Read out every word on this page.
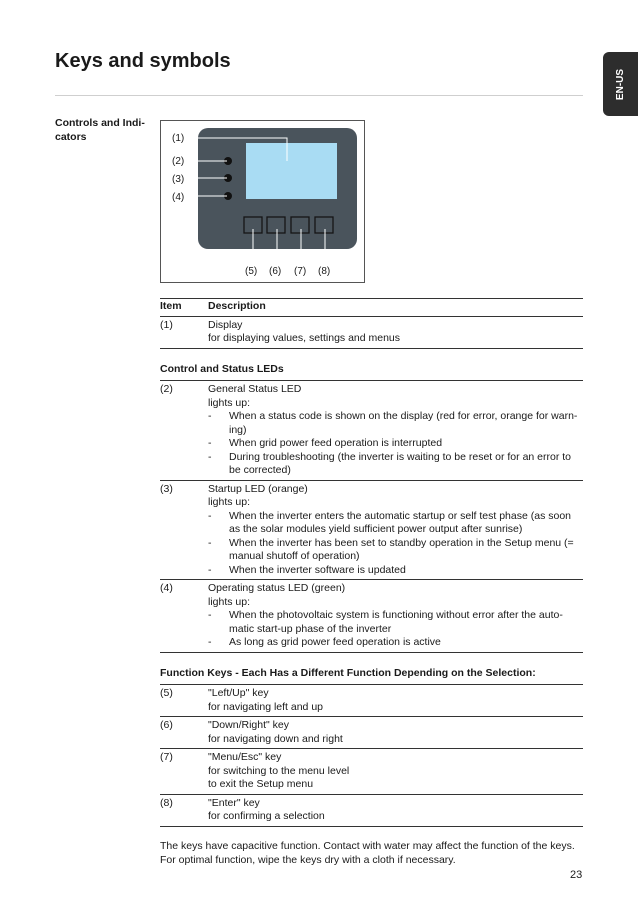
Keys and symbols
EN-US
Controls and Indi-
cators	(1)
(2)
(3)
(4)
(5) (6) (7) (8)
Item	Description
(1)	Display
for displaying values, settings and menus
Control and Status LEDs
(2)	General Status LED
lights up:
-	When a status code is shown on the display (red for error, orange for warn-ing)
-	When grid power feed operation is interrupted
-	During troubleshooting (the inverter is waiting to be reset or for an error to be corrected)
(3)	Startup LED (orange)
lights up:
-	When the inverter enters the automatic startup or self test phase (as soon as the solar modules yield sufficient power output after sunrise)
-	When the inverter has been set to standby operation in the Setup menu (= manual shutoff of operation)
-	When the inverter software is updated
(4)	Operating status LED (green)
lights up:
-	When the photovoltaic system is functioning without error after the auto-matic start-up phase of the inverter
-	As long as grid power feed operation is active
Function Keys - Each Has a Different Function Depending on the Selection:
(5)	"Left/Up" key
for navigating left and up
(6)	"Down/Right" key
for navigating down and right
(7)	"Menu/Esc" key
for switching to the menu level
to exit the Setup menu
(8)	"Enter" key
for confirming a selection
The keys have capacitive function. Contact with water may affect the function of the keys. For optimal function, wipe the keys dry with a cloth if necessary.
23
